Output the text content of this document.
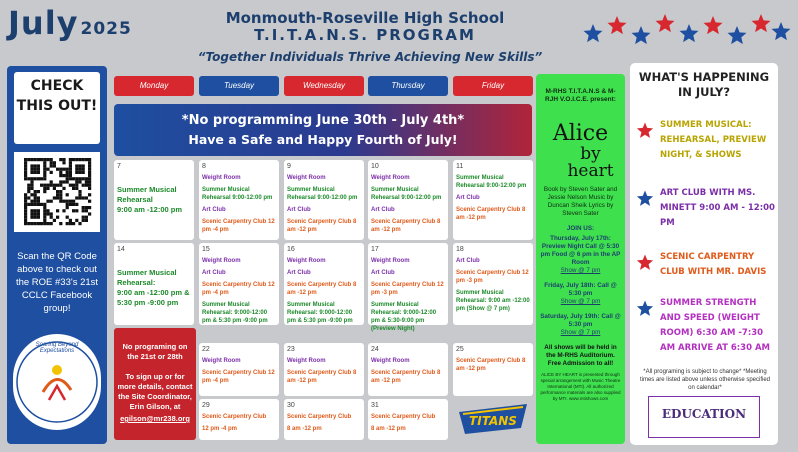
July 2025
Monmouth-Roseville High School
T.I.T.A.N.S. PROGRAM
“Together Individuals Thrive Achieving New Skills”
CHECK THIS OUT!
Scan the QR Code above to check out the ROE #33's 21st CCLC Facebook group!
Soaring Beyond Expectations
Monday	Tuesday	Wednesday	Thursday	Friday
*No programming June 30th - July 4th*
Have a Safe and Happy Fourth of July!
7
Summer Musical Rehearsal
9:00 am -12:00 pm
8
Weight Room
Summer Musical Rehearsal 9:00-12:00 pm
Art Club
Scenic Carpentry Club 12 pm -4 pm
9
Weight Room
Summer Musical Rehearsal 9:00-12:00 pm
Art Club
Scenic Carpentry Club 8 am -12 pm
10
Weight Room
Summer Musical Rehearsal 9:00-12:00 pm
Art Club
Scenic Carpentry Club 8 am -12 pm
11
Summer Musical Rehearsal 9:00-12:00 pm
Art Club
Scenic Carpentry Club 8 am -12 pm
14
Summer Musical Rehearsal:
9:00 am -12:00 pm & 5:30 pm -9:00 pm
15
Weight Room
Art Club
Scenic Carpentry Club 12 pm -4 pm
Summer Musical Rehearsal: 9:000-12:00 pm & 5:30 pm -9:00 pm
16
Weight Room
Art Club
Scenic Carpentry Club 8 am -12 pm
Summer Musical Rehearsal: 9:000-12:00 pm & 5:30 pm -9:00 pm
17
Weight Room
Art Club
Scenic Carpentry Club 12 pm -3 pm
Summer Musical Rehearsal: 9:000-12:00 pm & 5:30-9:00 pm (Preview Night)
18
Art Club
Scenic Carpentry Club 12 pm -3 pm
Summer Musical Rehearsal: 9:00 am -12:00 pm (Show @ 7 pm)
22
Weight Room
Scenic Carpentry Club 12 pm -4 pm
23
Weight Room
Scenic Carpentry Club 8 am -12 pm
24
Weight Room
Scenic Carpentry Club 8 am -12 pm
25
Scenic Carpentry Club 8 am -12 pm
29
Scenic Carpentry Club
12 pm -4 pm
30
Scenic Carpentry Club
8 am -12 pm
31
Scenic Carpentry Club
8 am -12 pm
No programing on the 21st or 28th
To sign up or for more details, contact the Site Coordinator, Erin Gilson, at
egilson@mr238.org	TITANS
M-RHS T.I.T.A.N.S & M-RJH V.O.I.C.E. present:
Alice
by heart
Book by Steven Sater and Jessie Nelson Music by Duncan Sheik Lyrics by Steven Sater
JOIN US:
Thursday, July 17th: Preview Night Call @ 5:30 pm Food @ 6 pm in the AP Room
Show @ 7 pm
Friday, July 18th: Call @ 5:30 pm
Show @ 7 pm
Saturday, July 19th: Call @ 5:30 pm
Show @ 7 pm
All shows will be held in the M-RHS Auditorium. Free Admission to all!
ALICE BY HEART is presented through special arrangement with Music Theatre International (MTI). All authorized performance materials are also supplied by MTI. www.mtishows.com
WHAT'S HAPPENING IN JULY?
SUMMER MUSICAL: REHEARSAL, PREVIEW NIGHT, & SHOWS
ART CLUB WITH MS. MINETT 9:00 AM - 12:00 PM
SCENIC CARPENTRY CLUB WITH MR. DAVIS
SUMMER STRENGTH AND SPEED (WEIGHT ROOM) 6:30 AM -7:30 AM ARRIVE AT 6:30 AM
*All programing is subject to change* *Meeting times are listed above unless otherwise specified on calendar*
EDUCATION
